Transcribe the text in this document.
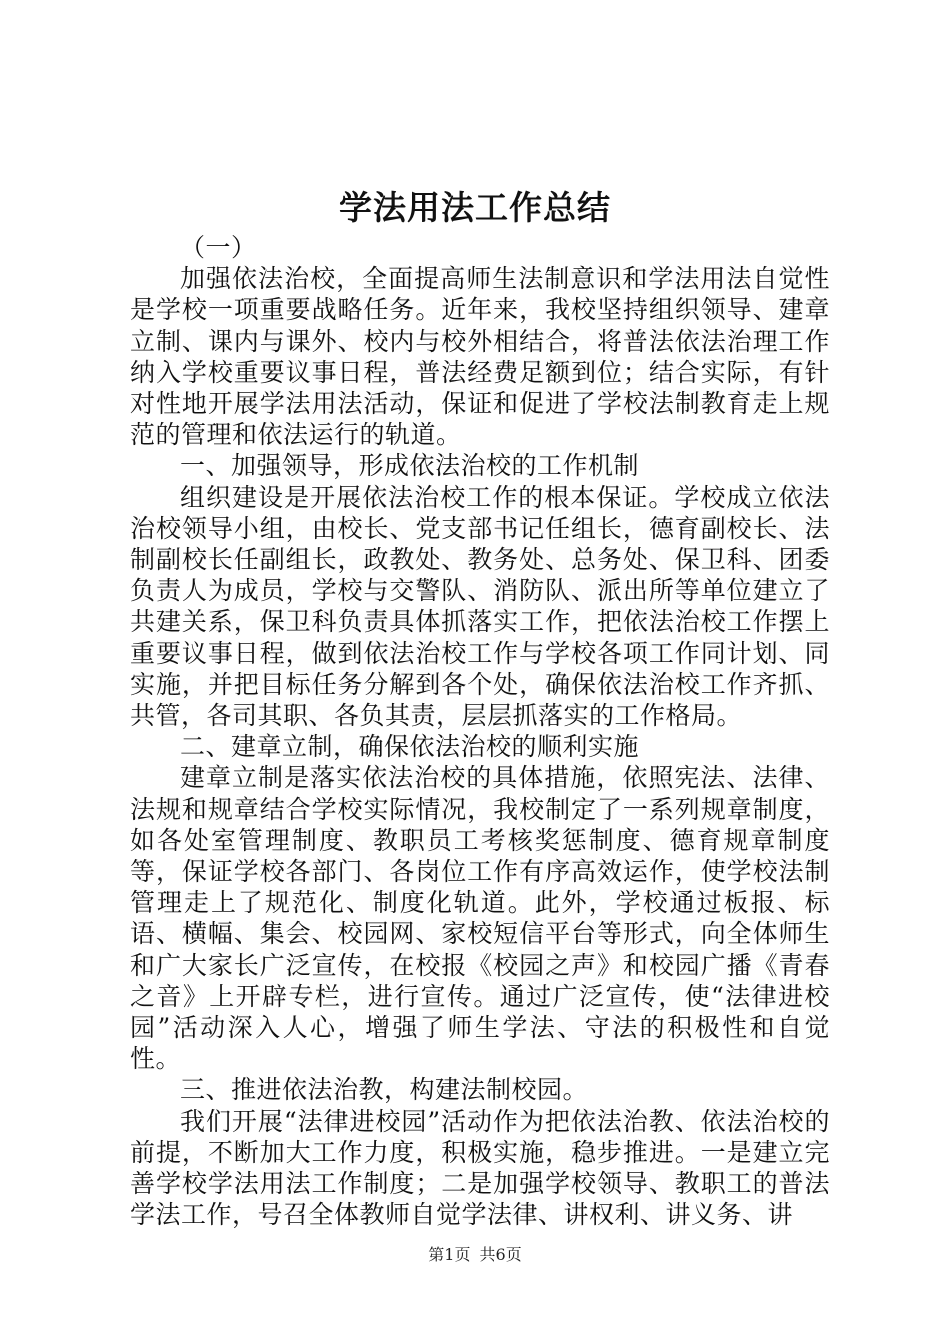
学法用法工作总结

（一）

加强依法治校，全面提高师生法制意识和学法用法自觉性是学校一项重要战略任务。近年来，我校坚持组织领导、建章立制、课内与课外、校内与校外相结合，将普法依法治理工作纳入学校重要议事日程，普法经费足额到位；结合实际，有针对性地开展学法用法活动，保证和促进了学校法制教育走上规范的管理和依法运行的轨道。

一、加强领导，形成依法治校的工作机制

组织建设是开展依法治校工作的根本保证。学校成立依法治校领导小组，由校长、党支部书记任组长，德育副校长、法制副校长任副组长，政教处、教务处、总务处、保卫科、团委负责人为成员，学校与交警队、消防队、派出所等单位建立了共建关系，保卫科负责具体抓落实工作，把依法治校工作摆上重要议事日程，做到依法治校工作与学校各项工作同计划、同实施，并把目标任务分解到各个处，确保依法治校工作齐抓、共管，各司其职、各负其责，层层抓落实的工作格局。

二、建章立制，确保依法治校的顺利实施

建章立制是落实依法治校的具体措施，依照宪法、法律、法规和规章结合学校实际情况，我校制定了一系列规章制度，如各处室管理制度、教职员工考核奖惩制度、德育规章制度等，保证学校各部门、各岗位工作有序高效运作，使学校法制管理走上了规范化、制度化轨道。此外，学校通过板报、标语、横幅、集会、校园网、家校短信平台等形式，向全体师生和广大家长广泛宣传，在校报《校园之声》和校园广播《青春之音》上开辟专栏，进行宣传。通过广泛宣传，使“法律进校园”活动深入人心，增强了师生学法、守法的积极性和自觉性。

三、推进依法治教，构建法制校园。

我们开展“法律进校园”活动作为把依法治教、依法治校的前提，不断加大工作力度，积极实施，稳步推进。一是建立完善学校学法用法工作制度；二是加强学校领导、教职工的普法学法工作，号召全体教师自觉学法律、讲权利、讲义务、讲

第1页 共6页
